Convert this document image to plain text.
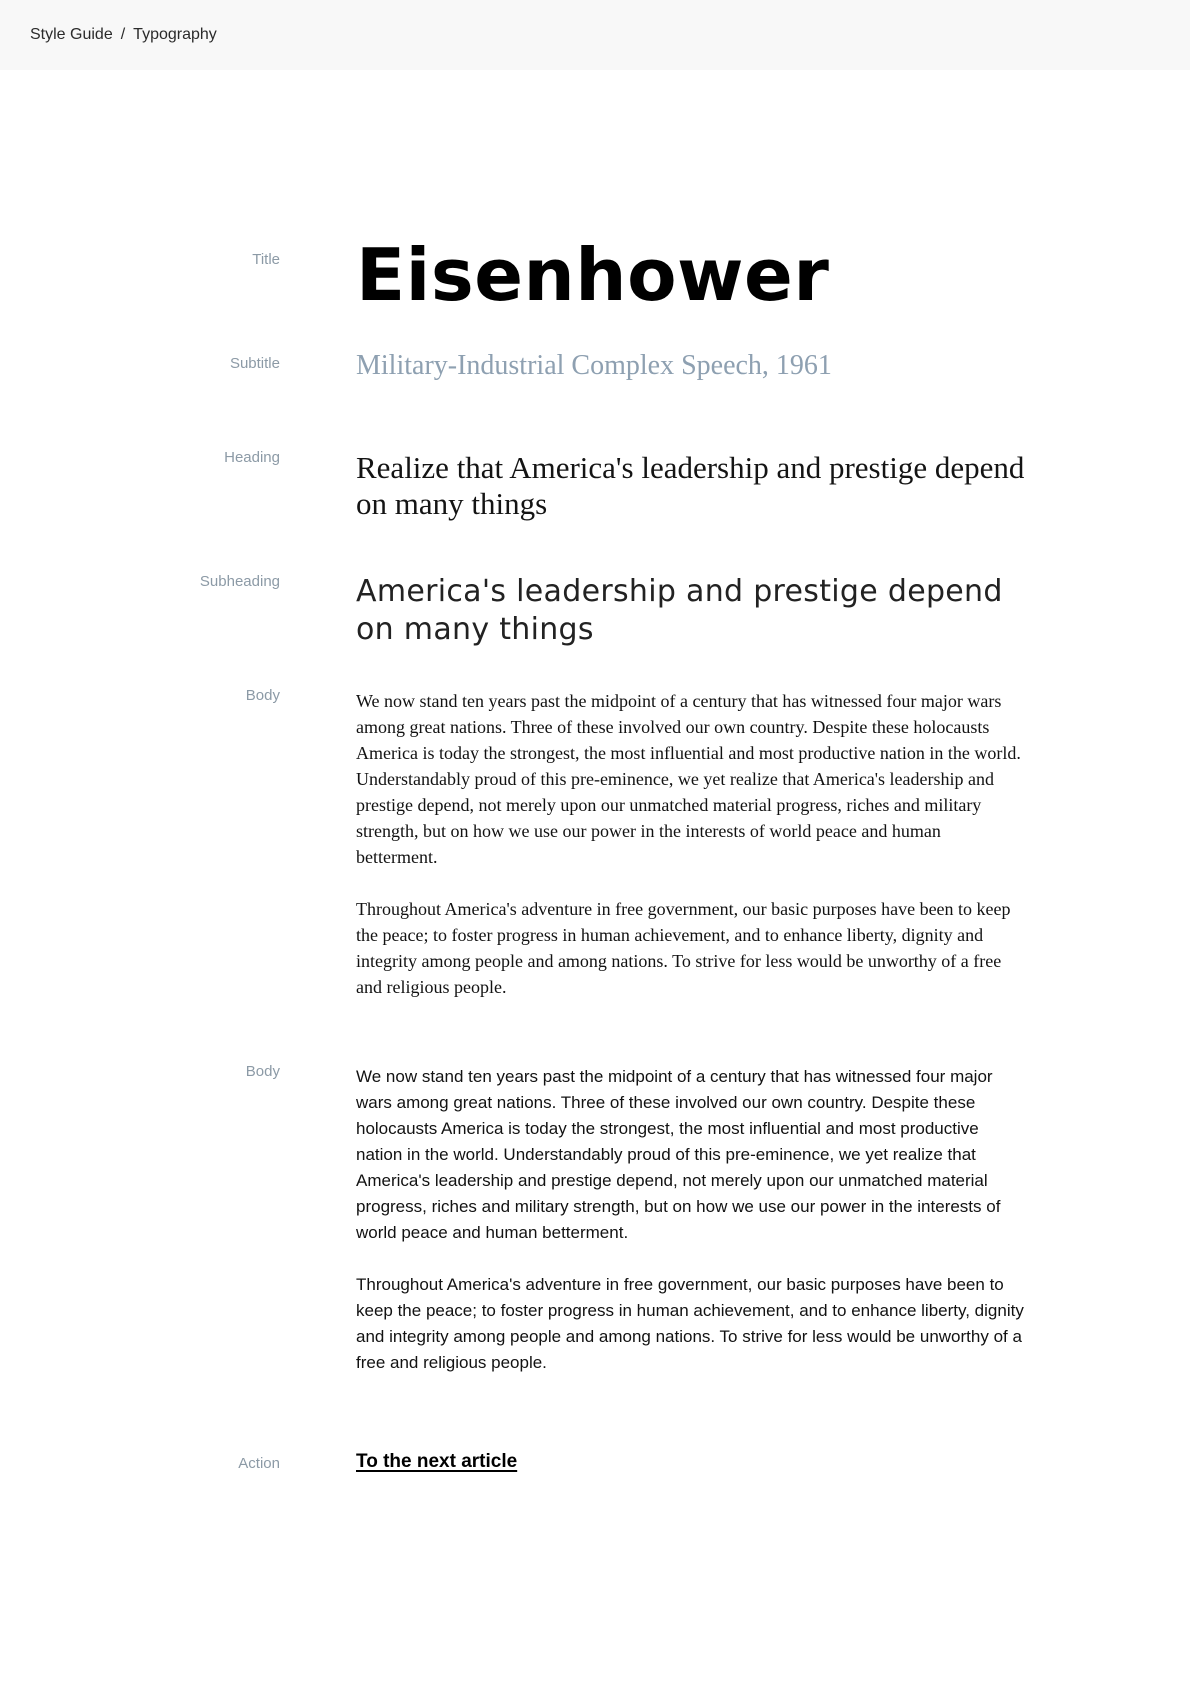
Style Guide / Typography
Title Eisenhower
Subtitle	Military-Industrial Complex Speech, 1961
Heading Realize that America's leadership and prestige depend on many things
Subheading	America's leadership and prestige depend on many things
Body	We now stand ten years past the midpoint of a century that has witnessed four major wars among great nations. Three of these involved our own country. Despite these holocausts America is today the strongest, the most influential and most productive nation in the world. Understandably proud of this pre-eminence, we yet realize that America's leadership and prestige depend, not merely upon our unmatched material progress, riches and military strength, but on how we use our power in the interests of world peace and human betterment.

Throughout America's adventure in free government, our basic purposes have been to keep the peace; to foster progress in human achievement, and to enhance liberty, dignity and integrity among people and among nations. To strive for less would be unworthy of a free and religious people.

Body	We now stand ten years past the midpoint of a century that has witnessed four major wars among great nations. Three of these involved our own country. Despite these holocausts America is today the strongest, the most influential and most productive nation in the world. Understandably proud of this pre-eminence, we yet realize that America's leadership and prestige depend, not merely upon our unmatched material progress, riches and military strength, but on how we use our power in the interests of world peace and human betterment.

Throughout America's adventure in free government, our basic purposes have been to keep the peace; to foster progress in human achievement, and to enhance liberty, dignity and integrity among people and among nations. To strive for less would be unworthy of a free and religious people.

Action	To the next article
